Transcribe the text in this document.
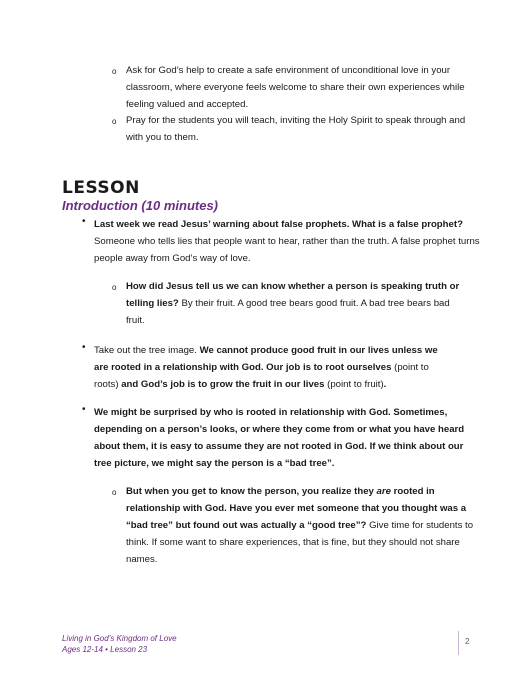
o Ask for God’s help to create a safe environment of unconditional love in your classroom, where everyone feels welcome to share their own experiences while feeling valued and accepted.
o Pray for the students you will teach, inviting the Holy Spirit to speak through and with you to them.
LESSON
Introduction (10 minutes)
• Last week we read Jesus’ warning about false prophets. What is a false prophet? Someone who tells lies that people want to hear, rather than the truth. A false prophet turns people away from God’s way of love.
o How did Jesus tell us we can know whether a person is speaking truth or telling lies? By their fruit. A good tree bears good fruit. A bad tree bears bad fruit.
• Take out the tree image. We cannot produce good fruit in our lives unless we are rooted in a relationship with God. Our job is to root ourselves (point to roots) and God’s job is to grow the fruit in our lives (point to fruit).
• We might be surprised by who is rooted in relationship with God. Sometimes, depending on a person’s looks, or where they come from or what you have heard about them, it is easy to assume they are not rooted in God. If we think about our tree picture, we might say the person is a “bad tree”.
o But when you get to know the person, you realize they are rooted in relationship with God. Have you ever met someone that you thought was a “bad tree” but found out was actually a “good tree”? Give time for students to think. If some want to share experiences, that is fine, but they should not share names.
Living in God’s Kingdom of Love
Ages 12-14 • Lesson 23
2
